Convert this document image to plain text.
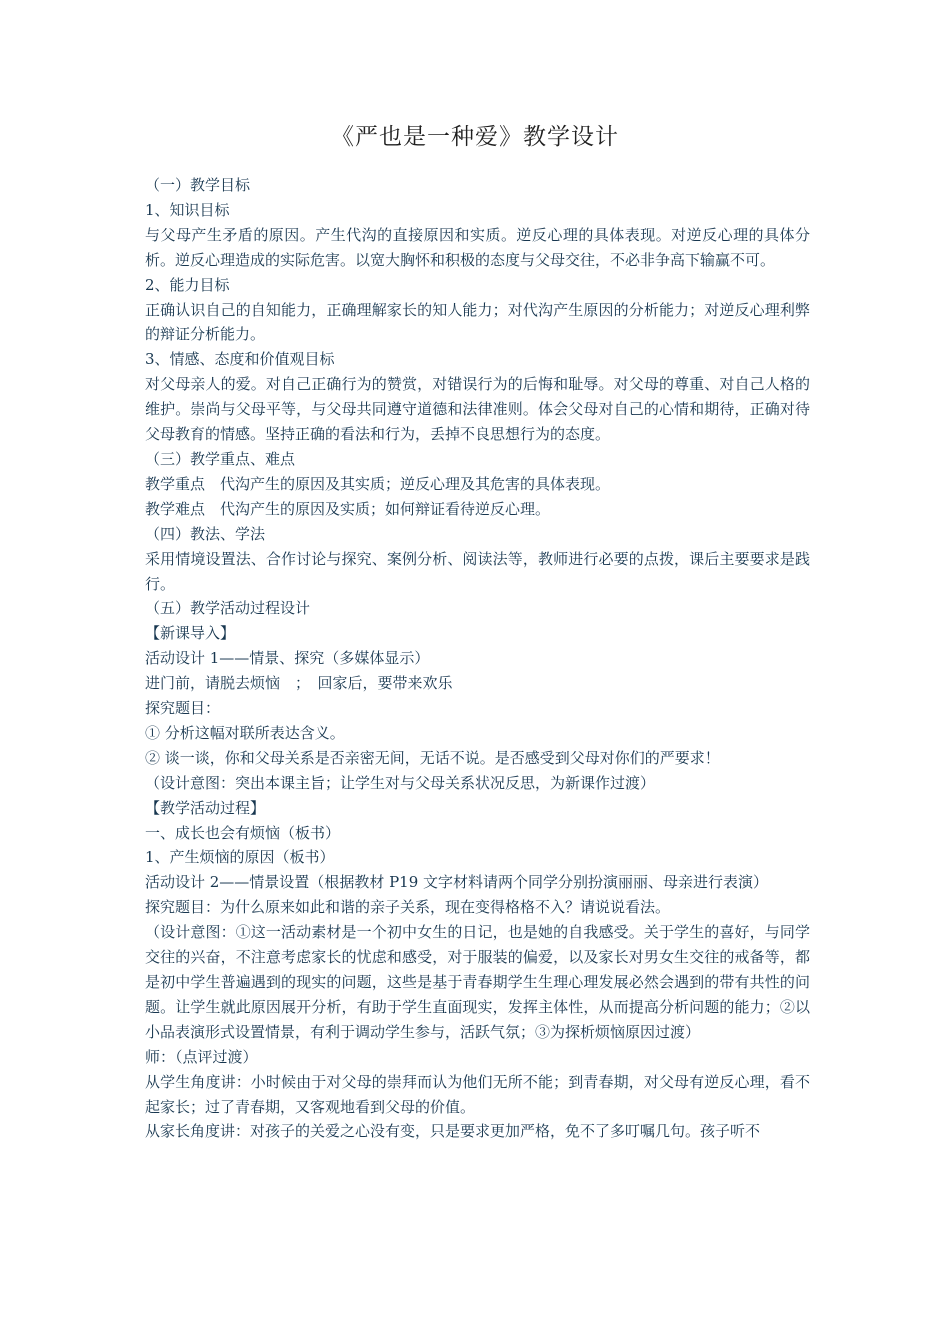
《严也是一种爱》教学设计

（一）教学目标

1、知识目标

与父母产生矛盾的原因。产生代沟的直接原因和实质。逆反心理的具体表现。对逆反心理的具体分析。逆反心理造成的实际危害。以宽大胸怀和积极的态度与父母交往，不必非争高下输赢不可。

2、能力目标

正确认识自己的自知能力，正确理解家长的知人能力；对代沟产生原因的分析能力；对逆反心理利弊的辩证分析能力。

3、情感、态度和价值观目标

对父母亲人的爱。对自己正确行为的赞赏，对错误行为的后悔和耻辱。对父母的尊重、对自己人格的维护。崇尚与父母平等，与父母共同遵守道德和法律准则。体会父母对自己的心情和期待，正确对待父母教育的情感。坚持正确的看法和行为，丢掉不良思想行为的态度。

（三）教学重点、难点

教学重点　代沟产生的原因及其实质；逆反心理及其危害的具体表现。

教学难点　代沟产生的原因及实质；如何辩证看待逆反心理。

（四）教法、学法

采用情境设置法、合作讨论与探究、案例分析、阅读法等，教师进行必要的点拨，课后主要要求是践行。

（五）教学活动过程设计

【新课导入】

活动设计 1——情景、探究（多媒体显示）

进门前，请脱去烦恼　；　回家后，要带来欢乐

探究题目：

① 分析这幅对联所表达含义。

② 谈一谈，你和父母关系是否亲密无间，无话不说。是否感受到父母对你们的严要求！

（设计意图：突出本课主旨；让学生对与父母关系状况反思，为新课作过渡）

【教学活动过程】

一、成长也会有烦恼（板书）

1、产生烦恼的原因（板书）

活动设计 2——情景设置（根据教材 P19 文字材料请两个同学分别扮演丽丽、母亲进行表演）

探究题目：为什么原来如此和谐的亲子关系，现在变得格格不入？请说说看法。

（设计意图：①这一活动素材是一个初中女生的日记，也是她的自我感受。关于学生的喜好，与同学交往的兴奋，不注意考虑家长的忧虑和感受，对于服装的偏爱，以及家长对男女生交往的戒备等，都是初中学生普遍遇到的现实的问题，这些是基于青春期学生生理心理发展必然会遇到的带有共性的问题。让学生就此原因展开分析，有助于学生直面现实，发挥主体性，从而提高分析问题的能力；②以小品表演形式设置情景，有利于调动学生参与，活跃气氛；③为探析烦恼原因过渡）

师：（点评过渡）

从学生角度讲：小时候由于对父母的崇拜而认为他们无所不能；到青春期，对父母有逆反心理，看不起家长；过了青春期，又客观地看到父母的价值。

从家长角度讲：对孩子的关爱之心没有变，只是要求更加严格，免不了多叮嘱几句。孩子听不
